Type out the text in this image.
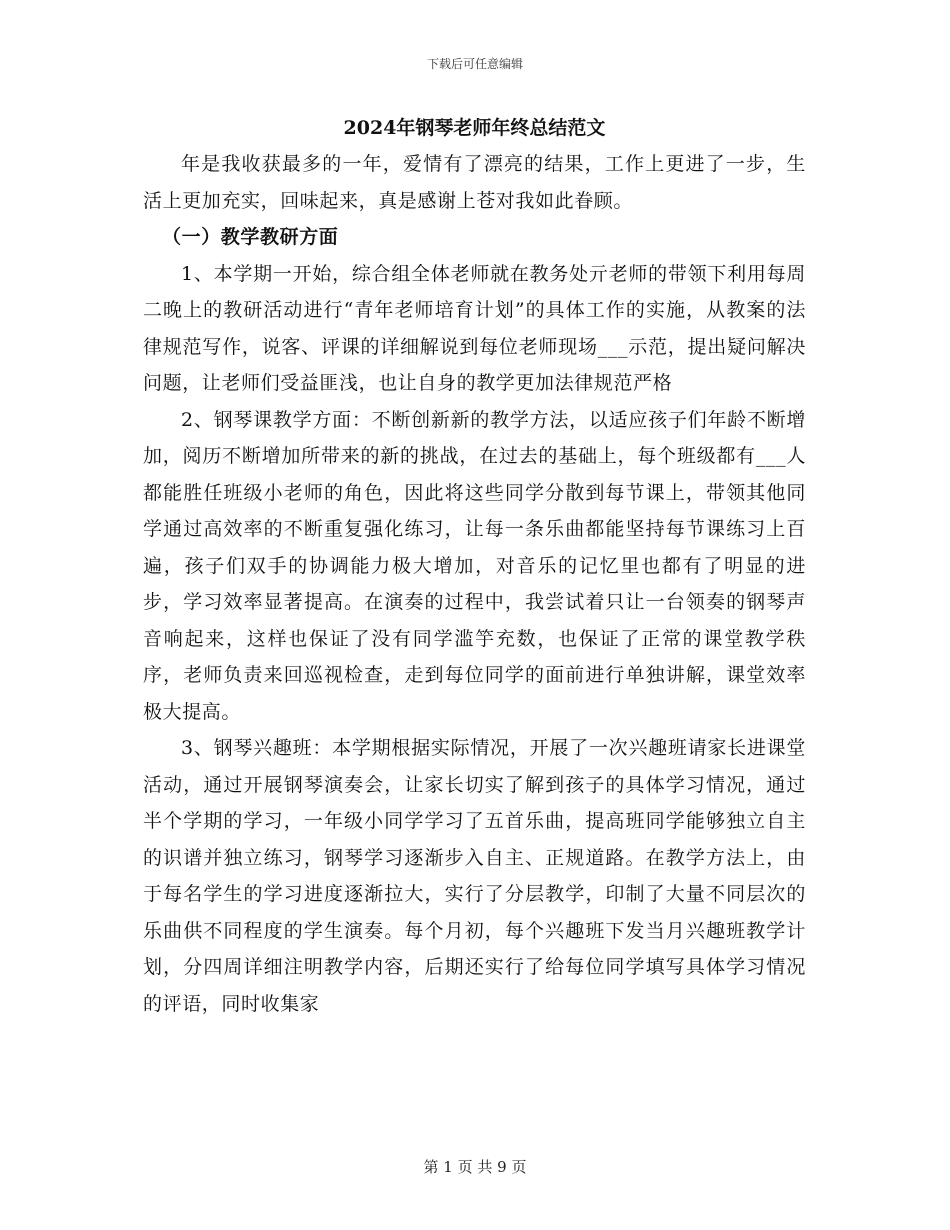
下载后可任意编辑
2024年钢琴老师年终总结范文

年是我收获最多的一年，爱情有了漂亮的结果，工作上更进了一步，生活上更加充实，回味起来，真是感谢上苍对我如此眷顾。

（一）教学教研方面

1、本学期一开始，综合组全体老师就在教务处亓老师的带领下利用每周二晚上的教研活动进行“青年老师培育计划”的具体工作的实施，从教案的法律规范写作，说客、评课的详细解说到每位老师现场___示范，提出疑问解决问题，让老师们受益匪浅，也让自身的教学更加法律规范严格

2、钢琴课教学方面：不断创新新的教学方法，以适应孩子们年龄不断增加，阅历不断增加所带来的新的挑战，在过去的基础上，每个班级都有___人都能胜任班级小老师的角色，因此将这些同学分散到每节课上，带领其他同学通过高效率的不断重复强化练习，让每一条乐曲都能坚持每节课练习上百遍，孩子们双手的协调能力极大增加，对音乐的记忆里也都有了明显的进步，学习效率显著提高。在演奏的过程中，我尝试着只让一台领奏的钢琴声音响起来，这样也保证了没有同学滥竽充数，也保证了正常的课堂教学秩序，老师负责来回巡视检查，走到每位同学的面前进行单独讲解，课堂效率极大提高。

3、钢琴兴趣班：本学期根据实际情况，开展了一次兴趣班请家长进课堂活动，通过开展钢琴演奏会，让家长切实了解到孩子的具体学习情况，通过半个学期的学习，一年级小同学学习了五首乐曲，提高班同学能够独立自主的识谱并独立练习，钢琴学习逐渐步入自主、正规道路。在教学方法上，由于每名学生的学习进度逐渐拉大，实行了分层教学，印制了大量不同层次的乐曲供不同程度的学生演奏。每个月初，每个兴趣班下发当月兴趣班教学计划，分四周详细注明教学内容，后期还实行了给每位同学填写具体学习情况的评语，同时收集家

第 1 页 共 9 页
